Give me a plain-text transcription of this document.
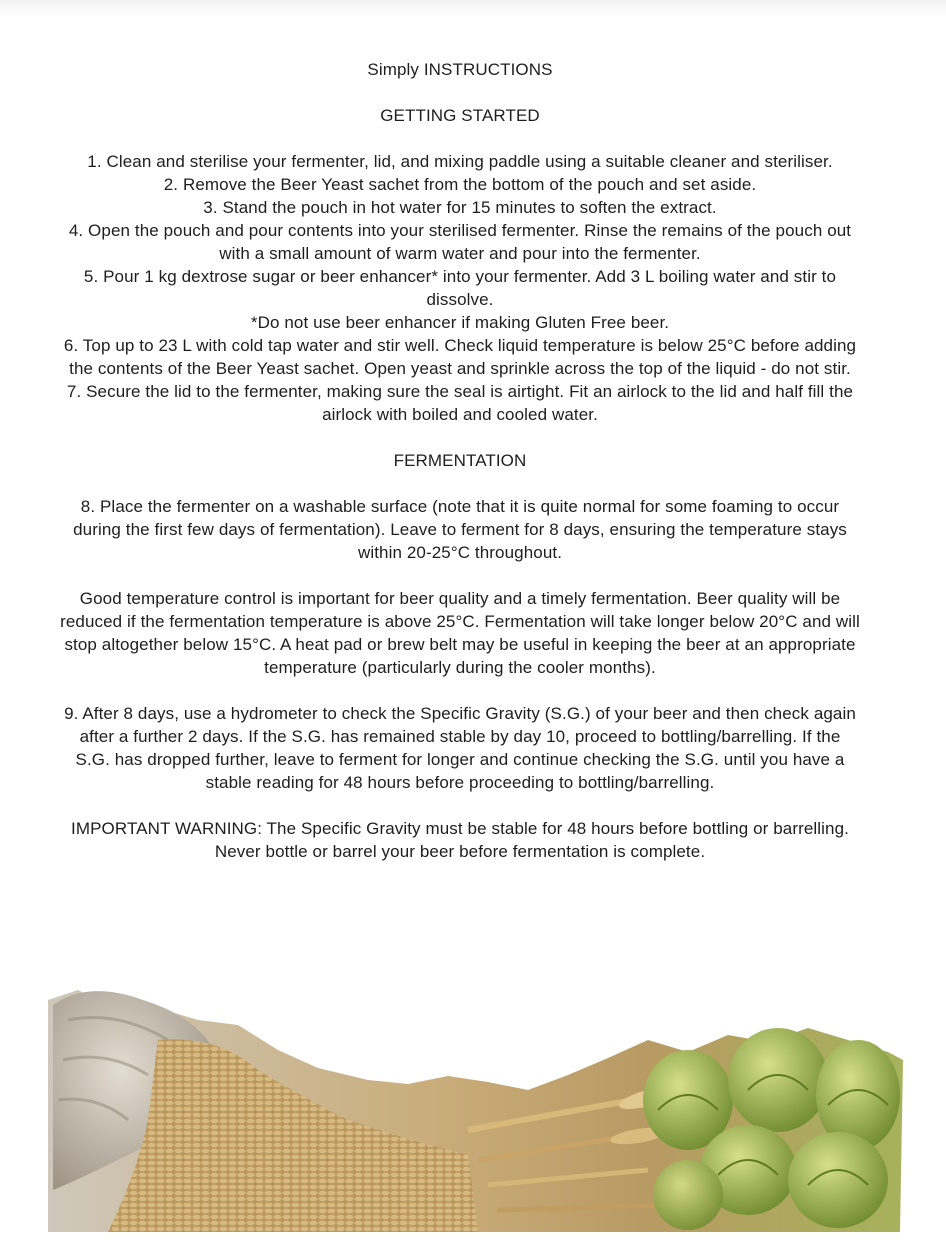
Simply INSTRUCTIONS

GETTING STARTED

1. Clean and sterilise your fermenter, lid, and mixing paddle using a suitable cleaner and steriliser.

2. Remove the Beer Yeast sachet from the bottom of the pouch and set aside.

3. Stand the pouch in hot water for 15 minutes to soften the extract.

4. Open the pouch and pour contents into your sterilised fermenter. Rinse the remains of the pouch out with a small amount of warm water and pour into the fermenter.

5. Pour 1 kg dextrose sugar or beer enhancer* into your fermenter. Add 3 L boiling water and stir to dissolve.

*Do not use beer enhancer if making Gluten Free beer.

6. Top up to 23 L with cold tap water and stir well. Check liquid temperature is below 25°C before adding the contents of the Beer Yeast sachet. Open yeast and sprinkle across the top of the liquid - do not stir.

7. Secure the lid to the fermenter, making sure the seal is airtight. Fit an airlock to the lid and half fill the airlock with boiled and cooled water.

FERMENTATION

8. Place the fermenter on a washable surface (note that it is quite normal for some foaming to occur during the first few days of fermentation). Leave to ferment for 8 days, ensuring the temperature stays within 20-25°C throughout.

Good temperature control is important for beer quality and a timely fermentation. Beer quality will be reduced if the fermentation temperature is above 25°C. Fermentation will take longer below 20°C and will stop altogether below 15°C. A heat pad or brew belt may be useful in keeping the beer at an appropriate temperature (particularly during the cooler months).

9. After 8 days, use a hydrometer to check the Specific Gravity (S.G.) of your beer and then check again after a further 2 days. If the S.G. has remained stable by day 10, proceed to bottling/barrelling. If the S.G. has dropped further, leave to ferment for longer and continue checking the S.G. until you have a stable reading for 48 hours before proceeding to bottling/barrelling.

IMPORTANT WARNING: The Specific Gravity must be stable for 48 hours before bottling or barrelling. Never bottle or barrel your beer before fermentation is complete.
